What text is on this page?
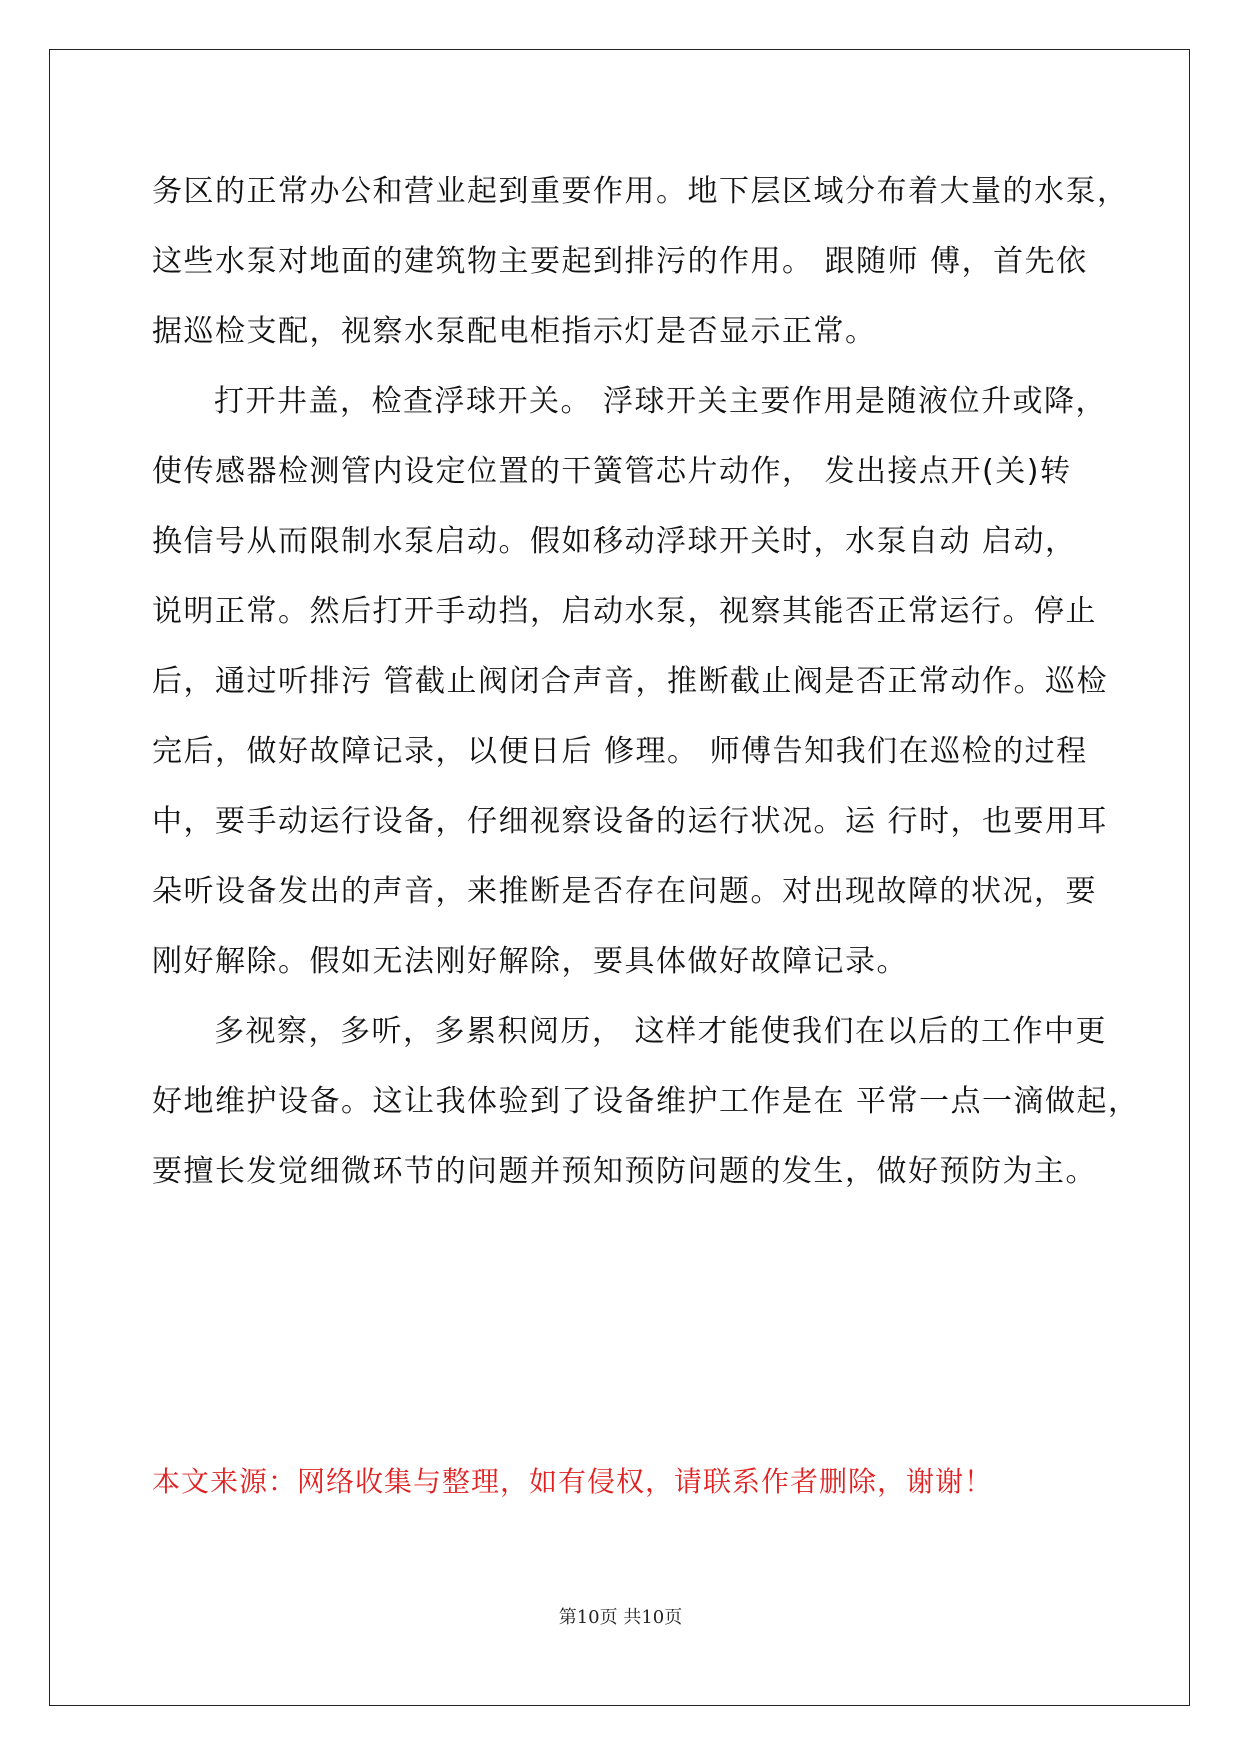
务区的正常办公和营业起到重要作用。地下层区域分布着大量的水泵，
这些水泵对地面的建筑物主要起到排污的作用。 跟随师 傅，首先依
据巡检支配，视察水泵配电柜指示灯是否显示正常。
打开井盖，检查浮球开关。 浮球开关主要作用是随液位升或降，
使传感器检测管内设定位置的干簧管芯片动作， 发出接点开(关)转
换信号从而限制水泵启动。假如移动浮球开关时，水泵自动 启动，
说明正常。然后打开手动挡，启动水泵，视察其能否正常运行。停止
后，通过听排污 管截止阀闭合声音，推断截止阀是否正常动作。巡检
完后，做好故障记录，以便日后 修理。 师傅告知我们在巡检的过程
中，要手动运行设备，仔细视察设备的运行状况。运 行时，也要用耳
朵听设备发出的声音，来推断是否存在问题。对出现故障的状况，要
刚好解除。假如无法刚好解除，要具体做好故障记录。
多视察，多听，多累积阅历， 这样才能使我们在以后的工作中更
好地维护设备。这让我体验到了设备维护工作是在 平常一点一滴做起，
要擅长发觉细微环节的问题并预知预防问题的发生，做好预防为主。
本文来源：网络收集与整理，如有侵权，请联系作者删除，谢谢！
第10页 共10页
